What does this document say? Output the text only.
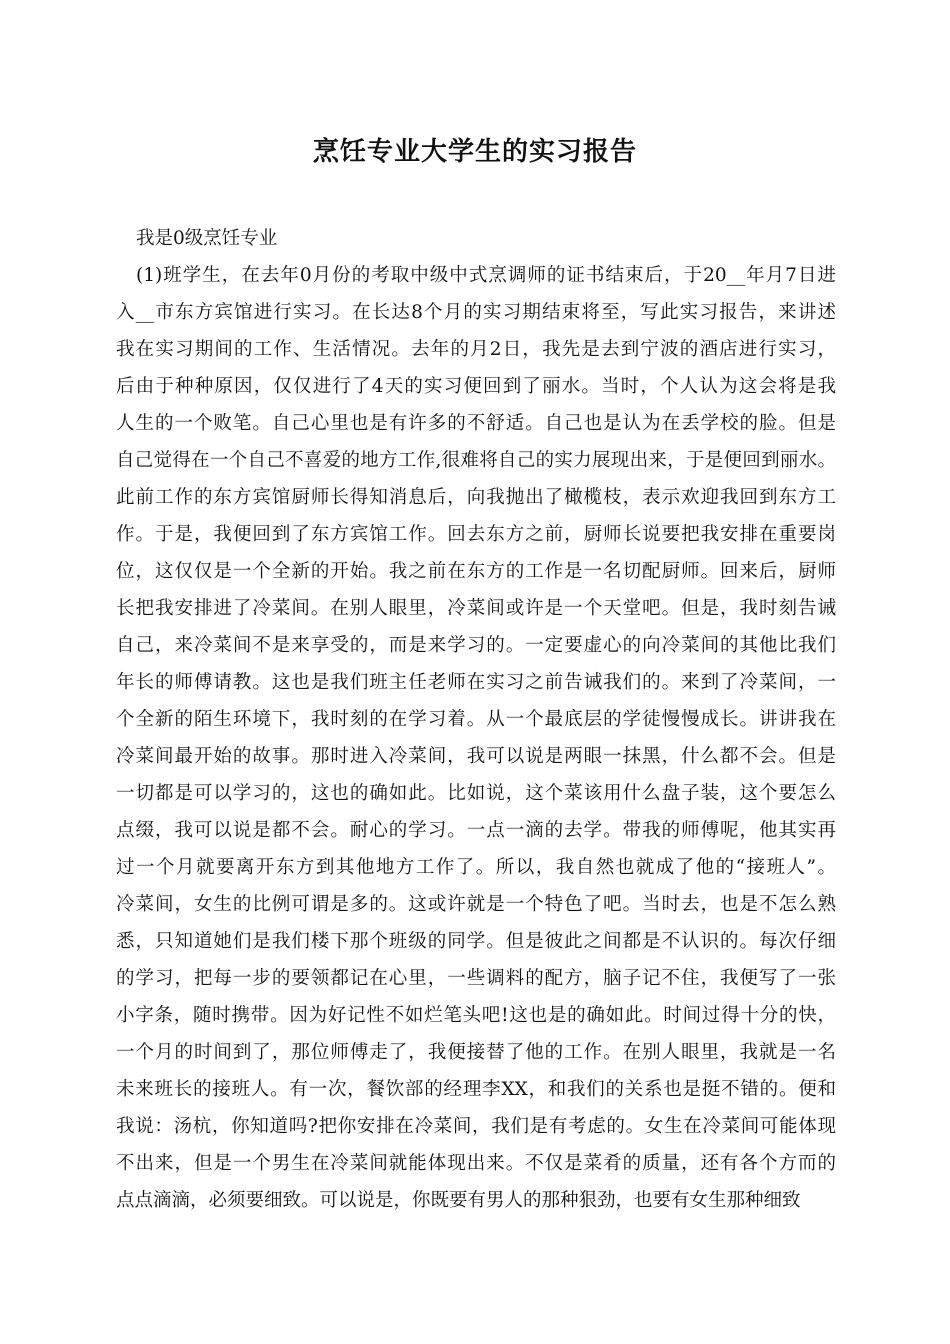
烹饪专业大学生的实习报告
我是0级烹饪专业
(1)班学生，在去年0月份的考取中级中式烹调师的证书结束后，于20__年月7日进
入__市东方宾馆进行实习。在长达8个月的实习期结束将至，写此实习报告，来讲述
我在实习期间的工作、生活情况。去年的月2日，我先是去到宁波的酒店进行实习，
后由于种种原因，仅仅进行了4天的实习便回到了丽水。当时，个人认为这会将是我
人生的一个败笔。自己心里也是有许多的不舒适。自己也是认为在丢学校的脸。但是
自己觉得在一个自己不喜爱的地方工作,很难将自己的实力展现出来，于是便回到丽水。
此前工作的东方宾馆厨师长得知消息后，向我抛出了橄榄枝，表示欢迎我回到东方工
作。于是，我便回到了东方宾馆工作。回去东方之前，厨师长说要把我安排在重要岗
位，这仅仅是一个全新的开始。我之前在东方的工作是一名切配厨师。回来后，厨师
长把我安排进了冷菜间。在别人眼里，冷菜间或许是一个天堂吧。但是，我时刻告诫
自己，来冷菜间不是来享受的，而是来学习的。一定要虚心的向冷菜间的其他比我们
年长的师傅请教。这也是我们班主任老师在实习之前告诫我们的。来到了冷菜间，一
个全新的陌生环境下，我时刻的在学习着。从一个最底层的学徒慢慢成长。讲讲我在
冷菜间最开始的故事。那时进入冷菜间，我可以说是两眼一抹黑，什么都不会。但是
一切都是可以学习的，这也的确如此。比如说，这个菜该用什么盘子装，这个要怎么
点缀，我可以说是都不会。耐心的学习。一点一滴的去学。带我的师傅呢，他其实再
过一个月就要离开东方到其他地方工作了。所以，我自然也就成了他的“接班人”。
冷菜间，女生的比例可谓是多的。这或许就是一个特色了吧。当时去，也是不怎么熟
悉，只知道她们是我们楼下那个班级的同学。但是彼此之间都是不认识的。每次仔细
的学习，把每一步的要领都记在心里，一些调料的配方，脑子记不住，我便写了一张
小字条，随时携带。因为好记性不如烂笔头吧!这也是的确如此。时间过得十分的快，
一个月的时间到了，那位师傅走了，我便接替了他的工作。在别人眼里，我就是一名
未来班长的接班人。有一次，餐饮部的经理李XX，和我们的关系也是挺不错的。便和
我说：汤杭，你知道吗?把你安排在冷菜间，我们是有考虑的。女生在冷菜间可能体现
不出来，但是一个男生在冷菜间就能体现出来。不仅是菜肴的质量，还有各个方而的
点点滴滴，必须要细致。可以说是，你既要有男人的那种狠劲，也要有女生那种细致
